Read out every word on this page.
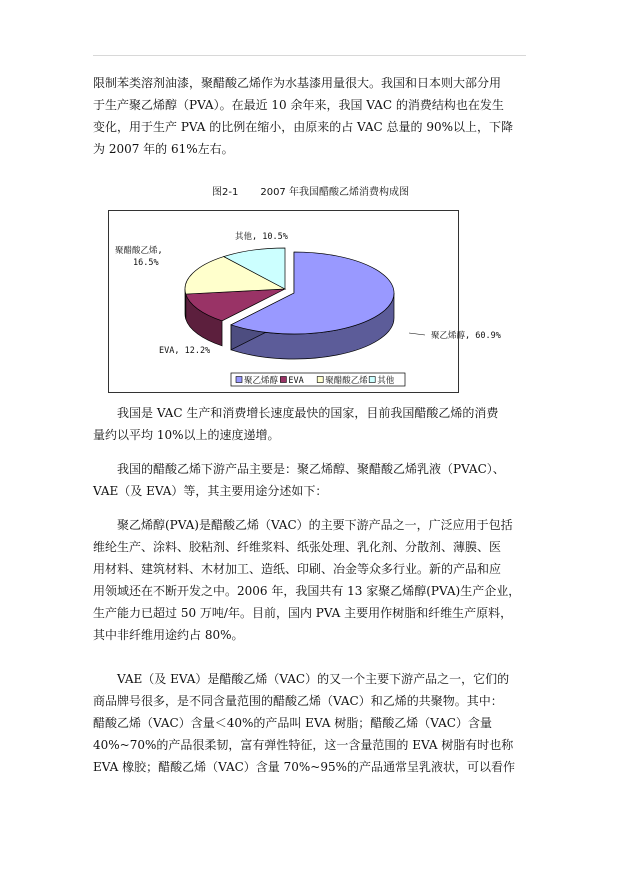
限制苯类溶剂油漆，聚醋酸乙烯作为水基漆用量很大。我国和日本则大部分用
于生产聚乙烯醇（PVA）。在最近 10 余年来，我国 VAC 的消费结构也在发生
变化，用于生产 PVA 的比例在缩小，由原来的占 VAC 总量的 90%以上，下降
为 2007 年的 61%左右。

图2-1 2007 年我国醋酸乙烯消费构成图
聚乙烯醇, 60.9%
EVA, 12.2%
聚醋酸乙烯,
16.5%
其他, 10.5%
聚乙烯醇 EVA	聚醋酸乙烯 其他

　　我国是 VAC 生产和消费增长速度最快的国家，目前我国醋酸乙烯的消费
量约以平均 10%以上的速度递增。

　　我国的醋酸乙烯下游产品主要是：聚乙烯醇、聚醋酸乙烯乳液（PVAC）、
VAE（及 EVA）等，其主要用途分述如下：

　　聚乙烯醇(PVA)是醋酸乙烯（VAC）的主要下游产品之一，广泛应用于包括
维纶生产、涂料、胶粘剂、纤维浆料、纸张处理、乳化剂、分散剂、薄膜、医
用材料、建筑材料、木材加工、造纸、印刷、冶金等众多行业。新的产品和应
用领域还在不断开发之中。2006 年，我国共有 13 家聚乙烯醇(PVA)生产企业，
生产能力已超过 50 万吨/年。目前，国内 PVA 主要用作树脂和纤维生产原料，
其中非纤维用途约占 80%。

　　VAE（及 EVA）是醋酸乙烯（VAC）的又一个主要下游产品之一，它们的
商品牌号很多，是不同含量范围的醋酸乙烯（VAC）和乙烯的共聚物。其中：
醋酸乙烯（VAC）含量＜40%的产品叫 EVA 树脂；醋酸乙烯（VAC）含量
40%~70%的产品很柔韧，富有弹性特征，这一含量范围的 EVA 树脂有时也称
EVA 橡胶；醋酸乙烯（VAC）含量 70%~95%的产品通常呈乳液状，可以看作
